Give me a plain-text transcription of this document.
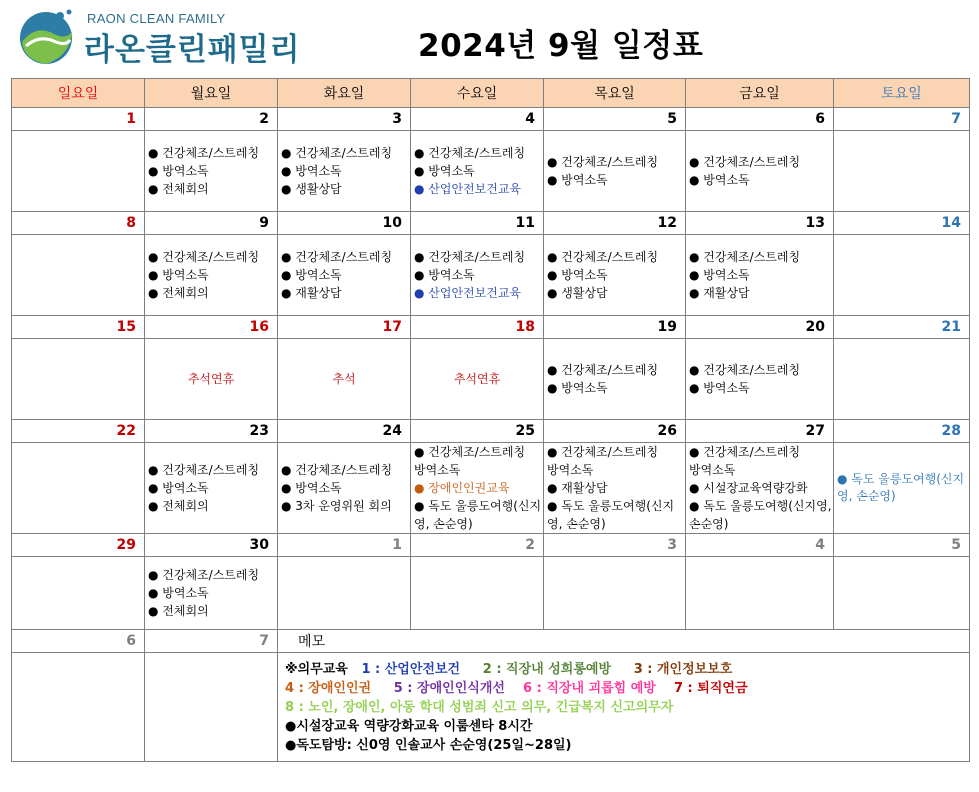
RAON CLEAN FAMILY
라온클린패밀리	2024년 9월 일정표
일요일	월요일	화요일	수요일	목요일	금요일	토요일
1	2	3	4	5	6	7

	● 건강체조/스트레칭
● 방역소독
● 전체회의	● 건강체조/스트레칭
● 방역소독
● 생활상담	● 건강체조/스트레칭
● 방역소독
● 산업안전보건교육	● 건강체조/스트레칭
● 방역소독	● 건강체조/스트레칭
● 방역소독	

8	9	10	11	12	13	14

	● 건강체조/스트레칭
● 방역소독
● 전체회의	● 건강체조/스트레칭
● 방역소독
● 재활상담	● 건강체조/스트레칭
● 방역소독
● 산업안전보건교육	● 건강체조/스트레칭
● 방역소독
● 생활상담	● 건강체조/스트레칭
● 방역소독
● 재활상담	

15	16	17	18	19	20	21
	추석연휴	추석	추석연휴	● 건강체조/스트레칭
● 방역소독	● 건강체조/스트레칭
● 방역소독	

22	23	24	25	26	27	28

	● 건강체조/스트레칭
● 방역소독
● 전체회의	● 건강체조/스트레칭
● 방역소독
● 3차 운영위원 회의	● 건강체조/스트레칭
방역소독
● 장애인인권교육
● 독도 울릉도여행(신지영, 손순영)	● 건강체조/스트레칭
방역소독
● 재활상담
● 독도 울릉도여행(신지영, 손순영)	● 건강체조/스트레칭
방역소독
● 시설장교육역량강화
● 독도 울릉도여행(신지영, 손순영)	● 독도 울릉도여행(신지영, 손순영)

29	30	1	2	3	4	5

	● 건강체조/스트레칭
● 방역소독
● 전체회의					

6	7	메모				

		※의무교육 1 : 산업안전보건 2 : 직장내 성희롱예방 3 : 개인정보보호
4 : 장애인인권 5 : 장애인인식개선 6 : 직장내 괴롭힘 예방 7 : 퇴직연금
8 : 노인, 장애인, 아동 학대 성범죄 신고 의무, 긴급복지 신고의무자
●시설장교육 역량강화교육 이룸센타 8시간
●독도탐방: 신0영 인솔교사 손순영(25일~28일)				
